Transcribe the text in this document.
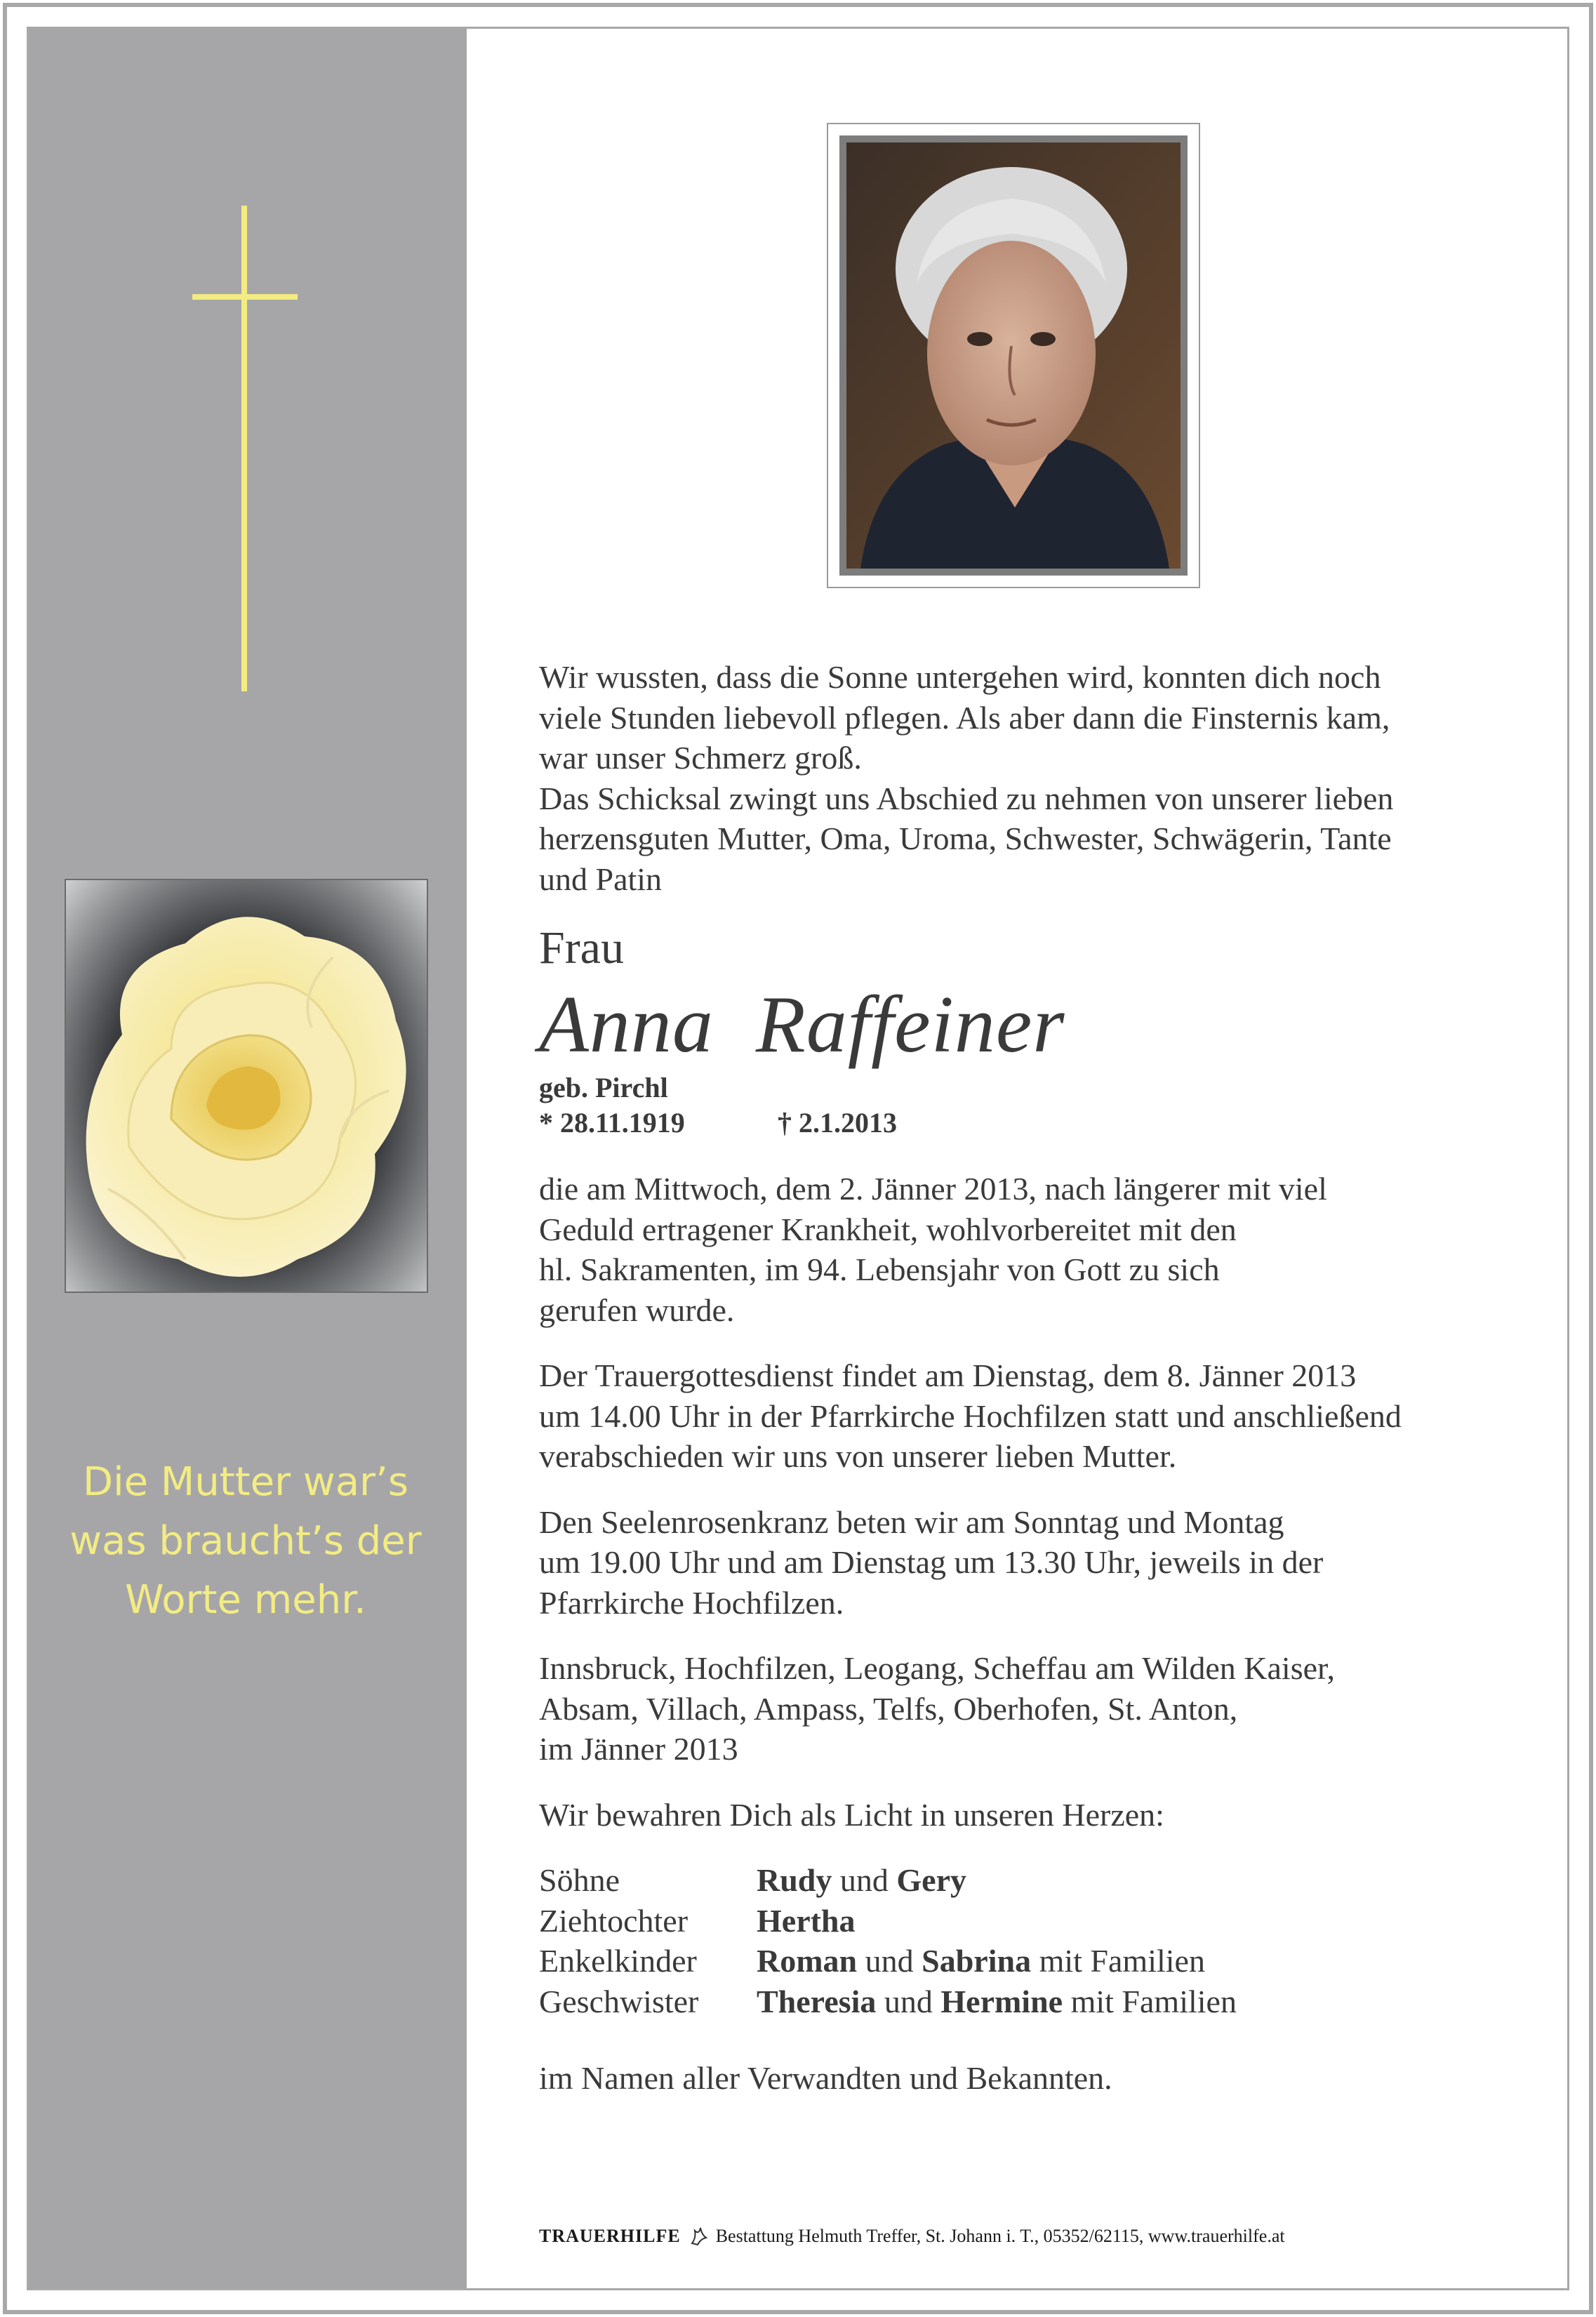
Die Mutter war’s
was braucht’s der
Worte mehr.

Wir wussten, dass die Sonne untergehen wird, konnten dich noch

viele Stunden liebevoll pflegen. Als aber dann die Finsternis kam,

war unser Schmerz groß.

Das Schicksal zwingt uns Abschied zu nehmen von unserer lieben

herzensguten Mutter, Oma, Uroma, Schwester, Schwägerin, Tante

und Patin

Frau
Anna  Raffeiner
geb. Pirchl
* 28.11.1919	† 2.1.2013

die am Mittwoch, dem 2. Jänner 2013, nach längerer mit viel

Geduld ertragener Krankheit, wohlvorbereitet mit den

hl. Sakramenten, im 94. Lebensjahr von Gott zu sich

gerufen wurde.

Der Trauergottesdienst findet am Dienstag, dem 8. Jänner 2013

um 14.00 Uhr in der Pfarrkirche Hochfilzen statt und anschließend

verabschieden wir uns von unserer lieben Mutter.

Den Seelenrosenkranz beten wir am Sonntag und Montag

um 19.00 Uhr und am Dienstag um 13.30 Uhr, jeweils in der

Pfarrkirche Hochfilzen.

Innsbruck, Hochfilzen, Leogang, Scheffau am Wilden Kaiser,

Absam, Villach, Ampass, Telfs, Oberhofen, St. Anton,

im Jänner 2013

Wir bewahren Dich als Licht in unseren Herzen:

Söhne	Rudy und Gery
Ziehtochter	Hertha
Enkelkinder	Roman und Sabrina mit Familien
Geschwister	Theresia und Hermine mit Familien

im Namen aller Verwandten und Bekannten.

TRAUERHILFE Bestattung Helmuth Treffer, St. Johann i. T., 05352/62115, www.trauerhilfe.at
